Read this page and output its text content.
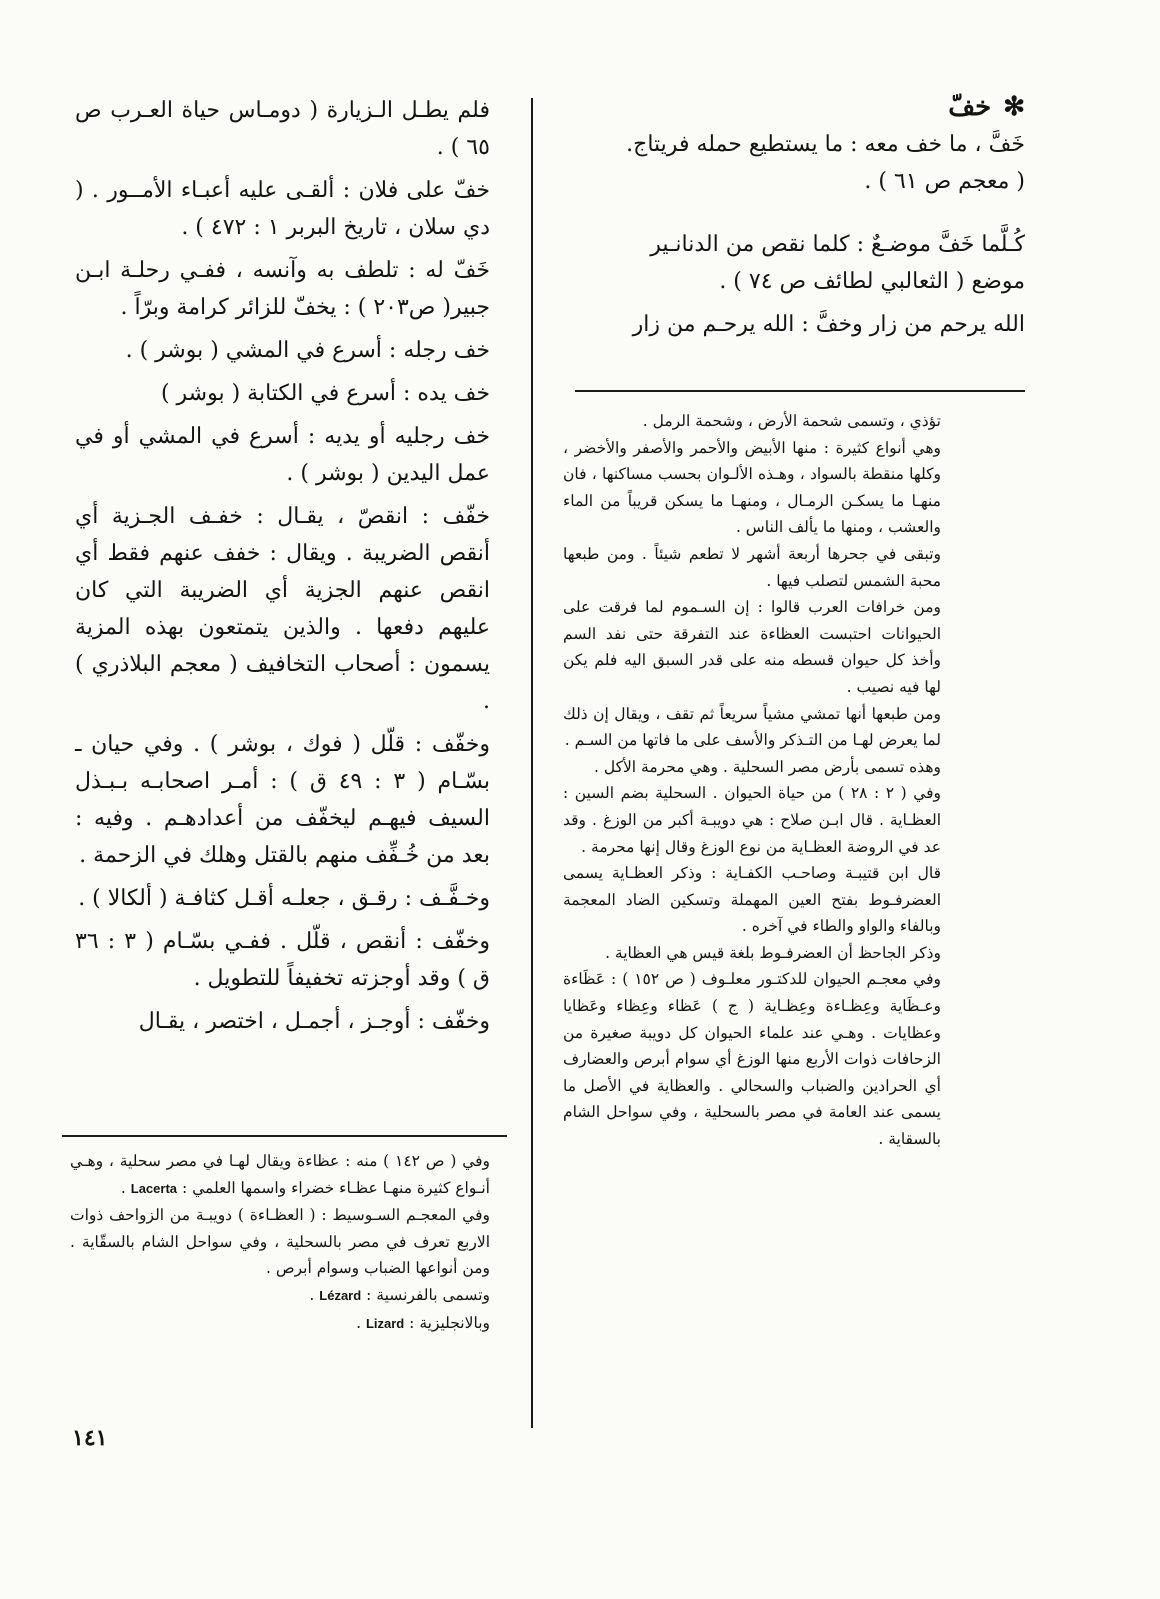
✻
خفّ

خَفَّ ، ما خف معه : ما يستطيع حمله فريتاج.
( معجم ص ٦١ ) .

كُـلَّما خَفَّ موضـعٌ : كلما نقص من الدنانـير
موضع ( الثعالبي لطائف ص ٧٤ ) .

الله يرحم من زار وخفَّ : الله يرحـم من زار

تؤذي ، وتسمى شحمة الأرض ، وشحمة الرمل .

وهي أنواع كثيرة : منها الأبيض والأحمر والأصفر والأخضر ، وكلها منقطة بالسواد ، وهـذه الألـوان بحسب مساكنها ، فان منهـا ما يسكـن الرمـال ، ومنهـا ما يسكن قريباً من الماء والعشب ، ومنها ما يألف الناس .

وتبقى في جحرها أربعة أشهر لا تطعم شيئاً . ومن طبعها محبة الشمس لتصلب فيها .

ومن خرافات العرب قالوا : إن السـموم لما فرقت على الحيوانات احتبست العظاءة عند التفرقة حتى نفد السم وأخذ كل حيوان قسطه منه على قدر السبق اليه فلم يكن لها فيه نصيب .

ومن طبعها أنها تمشي مشياً سريعاً ثم تقف ، ويقال إن ذلك لما يعرض لهـا من التـذكر والأسف على ما فاتها من السـم .

وهذه تسمى بأرض مصر السحلية . وهي محرمة الأكل .

وفي ( ٢ : ٢٨ ) من حياة الحيوان . السحلية بضم السين : العظـاية . قال ابـن صلاح : هي دويبـة أكبر من الوزغ . وقد عد في الروضة العظـاية من نوع الوزغ وقال إنها محرمة .

قال ابن قتيبـة وصاحـب الكفـاية : وذكر العظـاية يسمى العضرفـوط بفتح العين المهملة وتسكين الضاد المعجمة وبالفاء والواو والطاء في آخره .

وذكر الجاحظ أن العضرفـوط بلغة قيس هي العظاية .

وفي معجـم الحيوان للدكتـور معلـوف ( ص ١٥٢ ) : عَظَاءة وعـظَاية وعِظـاءة وعِظـاية ( ج ) عَظاء وعِظاء وعَظايا وعظايات . وهـي عند علماء الحيوان كل دويبة صغيرة من الزحافات ذوات الأربع منها الوزغ أي سوام أبرص والعضارف أي الحرادين والضباب والسحالي . والعظاية في الأصل ما يسمى عند العامة في مصر بالسحلية ، وفي سواحل الشام بالسقاية .

فلم يطـل الـزيارة ( دومـاس حياة العـرب ص ٦٥ ) .

خفّ على فلان : ألقـى عليه أعبـاء الأمــور . ( دي سلان ، تاريخ البربر ١ : ٤٧٢ ) .

خَفّ له : تلطف به وآنسه ، ففـي رحلـة ابـن جبير( ص٢٠٣ ) : يخفّ للزائر كرامة وبرّاً .

خف رجله : أسرع في المشي ( بوشر ) .

خف يده : أسرع في الكتابة ( بوشر )

خف رجليه أو يديه : أسرع في المشي أو في عمل اليدين ( بوشر ) .

خفّف : انقصّ ، يقـال : خفـف الجـزية أي أنقص الضريبة . ويقال : خفف عنهم فقط أي انقص عنهم الجزية أي الضريبة التي كان عليهم دفعها . والذين يتمتعون بهذه المزية يسمون : أصحاب التخافيف ( معجم البلاذري ) .

وخفّف : قلّل ( فوك ، بوشر ) . وفي حيان ـ بسّـام ( ٣ : ٤٩ ق ) : أمـر اصحابـه بـبـذل السيف فيهـم ليخفّف من أعدادهـم . وفيه : بعد من خُـفِّف منهم بالقتل وهلك في الزحمة .

وخـفَّـف : رقـق ، جعلـه أقـل كثافـة ( ألكالا ) .

وخفّف : أنقص ، قلّل . ففـي بسّـام ( ٣ : ٣٦ ق ) وقد أوجزته تخفيفاً للتطويل .

وخفّف : أوجـز ، أجمـل ، اختصر ، يقـال

وفي ( ص ١٤٢ ) منه : عظاءة ويقال لهـا في مصر سحلية ، وهـي أنـواع كثيرة منهـا عظـاء خضراء واسمها العلمي : Lacerta .

وفي المعجـم السـوسيط : ( العظـاءة ) دويبـة من الزواحف ذوات الاربع تعرف في مصر بالسحلية ، وفي سواحل الشام بالسقّاية . ومن أنواعها الضباب وسوام أبرص .

وتسمى بالفرنسية : Lézard .

وبالانجليزية : Lizard .

١٤١
